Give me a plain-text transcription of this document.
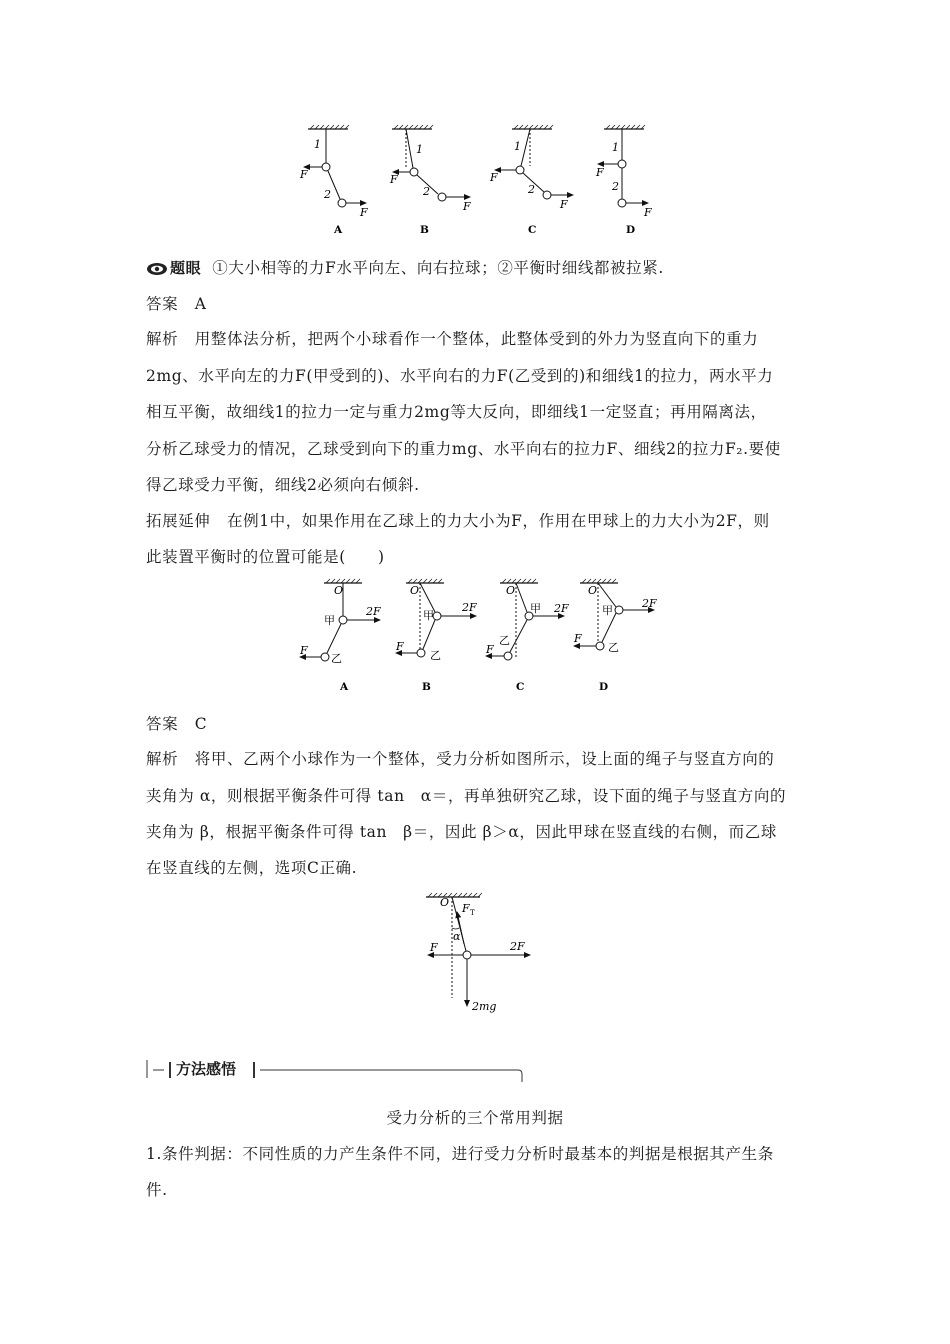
1
F
2
F
A
1
F
2
F
B
1
F
2
F
C
1
F
2
F
D
题眼 ①大小相等的力F水平向左、向右拉球；②平衡时细线都被拉紧.
答案 A
解析 用整体法分析，把两个小球看作一个整体，此整体受到的外力为竖直向下的重力
2mg、水平向左的力F(甲受到的)、水平向右的力F(乙受到的)和细线1的拉力，两水平力
相互平衡，故细线1的拉力一定与重力2mg等大反向，即细线1一定竖直；再用隔离法，
分析乙球受力的情况，乙球受到向下的重力mg、水平向右的拉力F、细线2的拉力F₂.要使
得乙球受力平衡，细线2必须向右倾斜.
拓展延伸 在例1中，如果作用在乙球上的力大小为F，作用在甲球上的力大小为2F，则
此装置平衡时的位置可能是(　　)
O
甲
2F
F
乙
A
O
甲
2F
F
乙
B
O
甲 2F
乙
F
C
O
甲
2F
F
乙
D
答案 C
解析 将甲、乙两个小球作为一个整体，受力分析如图所示，设上面的绳子与竖直方向的
夹角为 α，则根据平衡条件可得 tan　α＝，再单独研究乙球，设下面的绳子与竖直方向的
夹角为 β，根据平衡条件可得 tan　β＝，因此 β＞α，因此甲球在竖直线的右侧，而乙球
在竖直线的左侧，选项C正确.
O F T
α
F	2F
2mg
方法感悟
受力分析的三个常用判据
1.条件判据：不同性质的力产生条件不同，进行受力分析时最基本的判据是根据其产生条
件.
